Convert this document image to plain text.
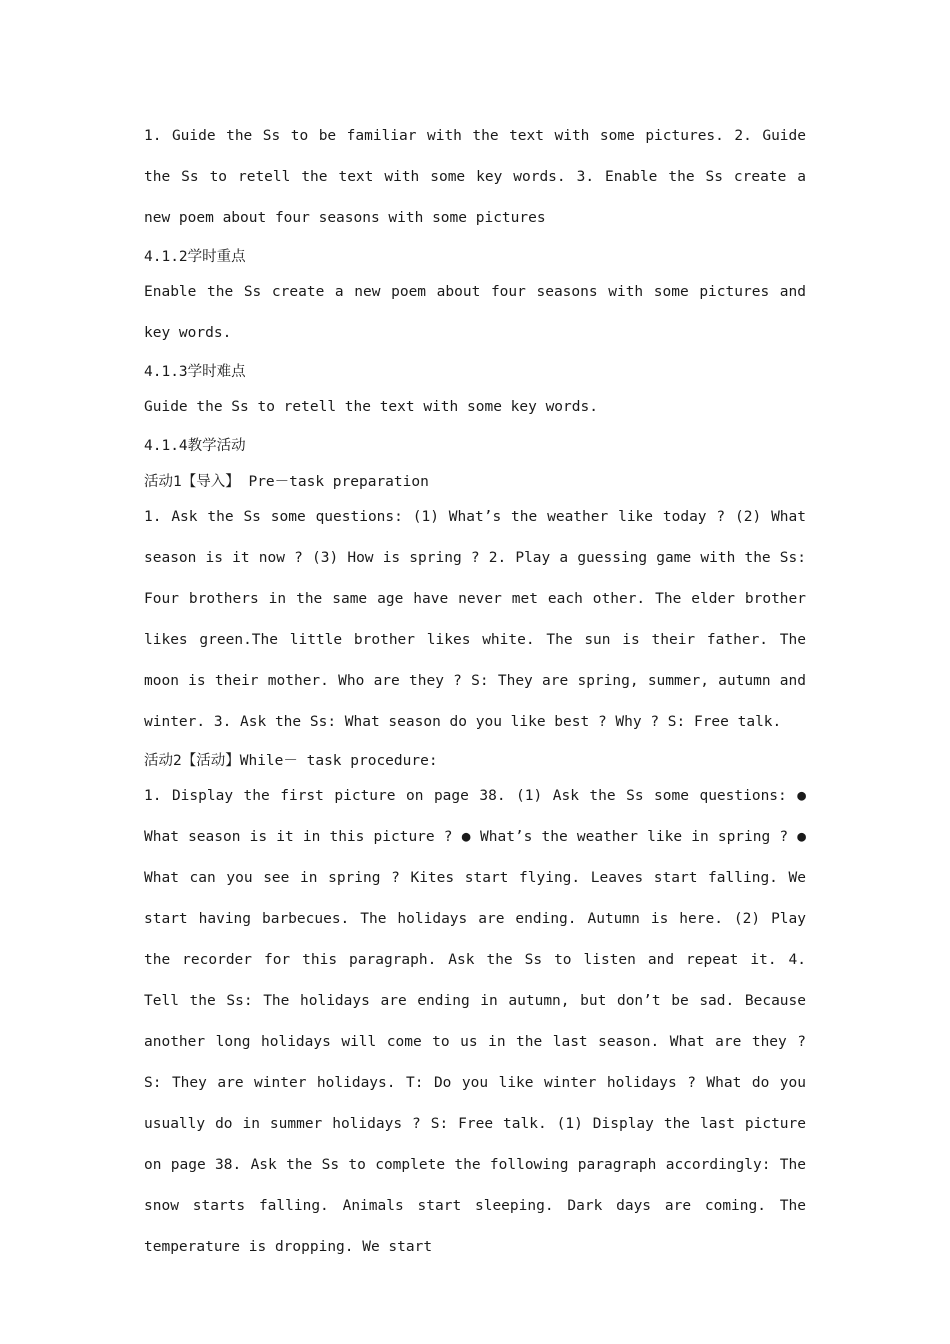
1. Guide the Ss to be familiar with the text with some pictures. 2. Guide the Ss to retell the text with some key words. 3. Enable the Ss create a new poem about four seasons with some pictures

4.1.2学时重点

Enable the Ss create a new poem about four seasons with some pictures and key words.

4.1.3学时难点

Guide the Ss to retell the text with some key words.

4.1.4教学活动

活动1【导入】 Pre－task preparation

1. Ask the Ss some questions: (1) What’s the weather like today ? (2) What season is it now ? (3) How is spring ? 2. Play a guessing game with the Ss: Four brothers in the same age have never met each other. The elder brother likes green.The little brother likes white. The sun is their father. The moon is their mother. Who are they ? S: They are spring, summer, autumn and winter. 3. Ask the Ss: What season do you like best ? Why ? S: Free talk.

活动2【活动】While－ task procedure:

1. Display the first picture on page 38. (1) Ask the Ss some questions: ● What season is it in this picture ? ● What’s the weather like in spring ? ● What can you see in spring ? Kites start flying. Leaves start falling. We start having barbecues. The holidays are ending. Autumn is here. (2) Play the recorder for this paragraph. Ask the Ss to listen and repeat it. 4. Tell the Ss: The holidays are ending in autumn, but don’t be sad. Because another long holidays will come to us in the last season. What are they ? S: They are winter holidays. T: Do you like winter holidays ? What do you usually do in summer holidays ? S: Free talk. (1) Display the last picture on page 38. Ask the Ss to complete the following paragraph accordingly: The snow starts falling. Animals start sleeping. Dark days are coming. The temperature is dropping. We start
